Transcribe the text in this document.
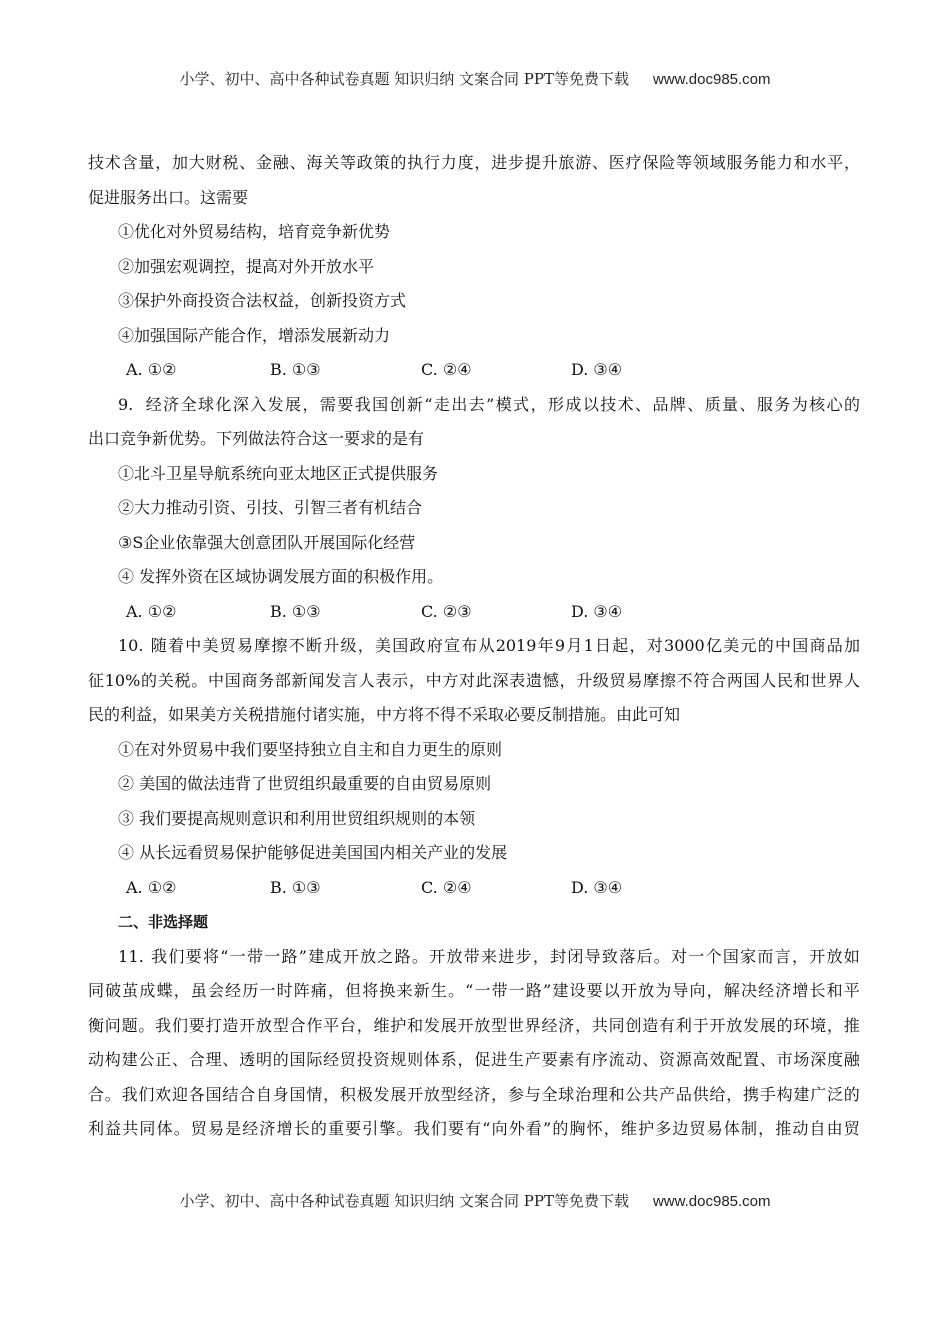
小学、初中、高中各种试卷真题 知识归纳 文案合同 PPT等免费下载 www.doc985.com
技术含量，加大财税、金融、海关等政策的执行力度，进步提升旅游、医疗保险等领域服务能力和水平，
促进服务出口。这需要
①优化对外贸易结构，培育竞争新优势
②加强宏观调控，提高对外开放水平
③保护外商投资合法权益，创新投资方式
④加强国际产能合作，增添发展新动力
A. ①②	B. ①③	C. ②④	D. ③④
9. 经济全球化深入发展，需要我国创新“走出去”模式，形成以技术、品牌、质量、服务为核心的
出口竞争新优势。下列做法符合这一要求的是有
①北斗卫星导航系统向亚太地区正式提供服务
②大力推动引资、引技、引智三者有机结合
③S企业依靠强大创意团队开展国际化经营
④ 发挥外资在区域协调发展方面的积极作用。
A. ①②	B. ①③	C. ②③	D. ③④
10. 随着中美贸易摩擦不断升级，美国政府宣布从2019年9月1日起，对3000亿美元的中国商品加
征10%的关税。中国商务部新闻发言人表示，中方对此深表遗憾，升级贸易摩擦不符合两国人民和世界人
民的利益，如果美方关税措施付诸实施，中方将不得不采取必要反制措施。由此可知
①在对外贸易中我们要坚持独立自主和自力更生的原则
② 美国的做法违背了世贸组织最重要的自由贸易原则
③ 我们要提高规则意识和利用世贸组织规则的本领
④ 从长远看贸易保护能够促进美国国内相关产业的发展
A. ①②	B. ①③	C. ②④	D. ③④
二、非选择题
11. 我们要将“一带一路”建成开放之路。开放带来进步，封闭导致落后。对一个国家而言，开放如
同破茧成蝶，虽会经历一时阵痛，但将换来新生。“一带一路”建设要以开放为导向，解决经济增长和平
衡问题。我们要打造开放型合作平台，维护和发展开放型世界经济，共同创造有利于开放发展的环境，推
动构建公正、合理、透明的国际经贸投资规则体系，促进生产要素有序流动、资源高效配置、市场深度融
合。我们欢迎各国结合自身国情，积极发展开放型经济，参与全球治理和公共产品供给，携手构建广泛的
利益共同体。贸易是经济增长的重要引擎。我们要有“向外看”的胸怀，维护多边贸易体制，推动自由贸
小学、初中、高中各种试卷真题 知识归纳 文案合同 PPT等免费下载 www.doc985.com
